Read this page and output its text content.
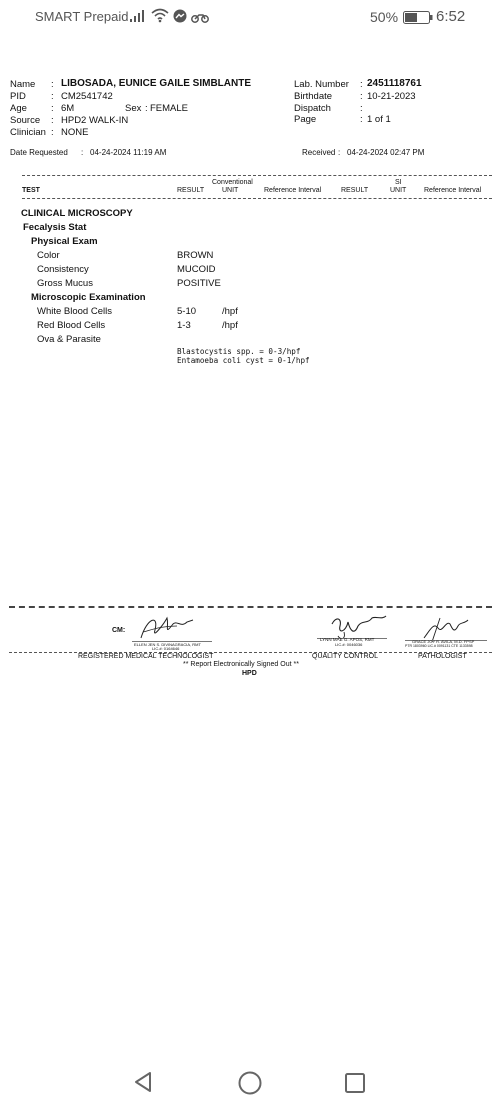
SMART Prepaid	50%	6:52
Name : LIBOSADA, EUNICE GAILE SIMBLANTE
PID	: CM2541742
Age	: 6M	Sex : FEMALE
Source : HPD2 WALK-IN
Clinician : NONE
Lab. Number : 2451118761
Birthdate	: 10-21-2023
Dispatch	:
Page	: 1 of 1
Date Requested : 04-24-2024 11:19 AM	Received : 04-24-2024 02:47 PM
Conventional	SI
TEST	RESULT	UNIT	Reference Interval	RESULT	UNIT	Reference Interval
CLINICAL MICROSCOPY
Fecalysis Stat
Physical Exam
Color	BROWN
Consistency	MUCOID
Gross Mucus	POSITIVE
Microscopic Examination
White Blood Cells	5-10	/hpf
Red Blood Cells	1-3	/hpf
Ova & Parasite
Blastocystis spp. = 0-3/hpf
Entamoeba coli cyst = 0-1/hpf
CM:
ELLEN JEN S. DIVINAGRACIA, RMT
LIC.#: 0164646
LYNN MAE G. APOS, RMT
LIC.#: 0046036
GRACE JOY R. AVILA, M.D. FPSP
PTR 1803960 LIC.# 0091131 CTE 1133598
REGISTERED MEDICAL TECHNOLOGIST	QUALITY CONTROL	PATHOLOGIST
** Report Electronically Signed Out **
HPD
